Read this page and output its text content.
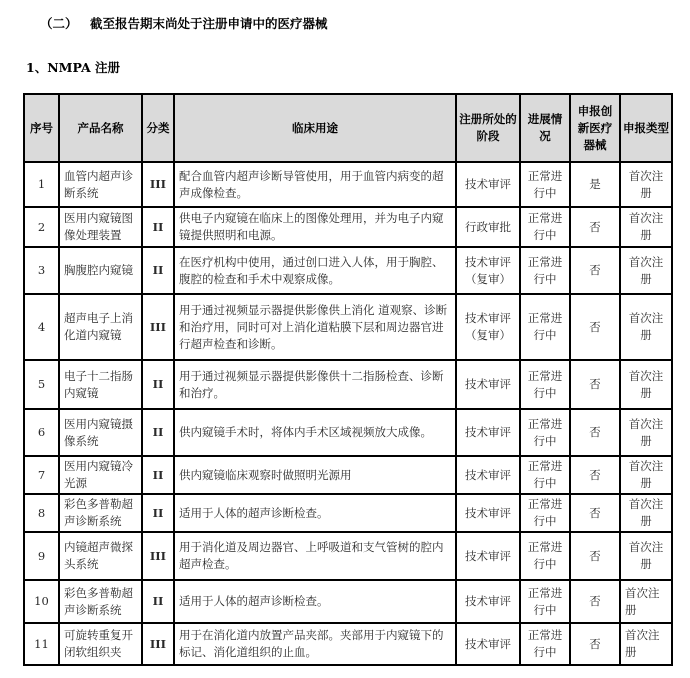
（二） 截至报告期末尚处于注册申请中的医疗器械
1、NMPA 注册
序号	产品名称	分类	临床用途	注册所处的阶段	进展情况	申报创新医疗器械	申报类型
1	血管内超声诊断系统	III	配合血管内超声诊断导管使用，用于血管内病变的超声成像检查。	技术审评	正常进行中	是	首次注册
2	医用内窥镜图像处理装置	II	供电子内窥镜在临床上的图像处理用，并为电子内窥镜提供照明和电源。	行政审批	正常进行中	否	首次注册
3	胸腹腔内窥镜	II	在医疗机构中使用，通过创口进入人体，用于胸腔、腹腔的检查和手术中观察成像。	技术审评（复审）	正常进行中	否	首次注册
4	超声电子上消化道内窥镜	III	用于通过视频显示器提供影像供上消化 道观察、诊断和治疗用，同时可对上消化道粘膜下层和周边器官进行超声检查和诊断。	技术审评（复审）	正常进行中	否	首次注册
5	电子十二指肠内窥镜	II	用于通过视频显示器提供影像供十二指肠检查、诊断和治疗。	技术审评	正常进行中	否	首次注册
6	医用内窥镜摄像系统	II	供内窥镜手术时，将体内手术区域视频放大成像。	技术审评	正常进行中	否	首次注册
7	医用内窥镜冷光源	II	供内窥镜临床观察时做照明光源用	技术审评	正常进行中	否	首次注册
8	彩色多普勒超声诊断系统	II	适用于人体的超声诊断检查。	技术审评	正常进行中	否	首次注册
9	内镜超声微探头系统	III	用于消化道及周边器官、上呼吸道和支气管树的腔内超声检查。	技术审评	正常进行中	否	首次注册
10	彩色多普勒超声诊断系统	II	适用于人体的超声诊断检查。	技术审评	正常进行中	否	首次注册
11	可旋转重复开闭软组织夹	III	用于在消化道内放置产品夹部。夹部用于内窥镜下的标记、消化道组织的止血。	技术审评	正常进行中	否	首次注册
